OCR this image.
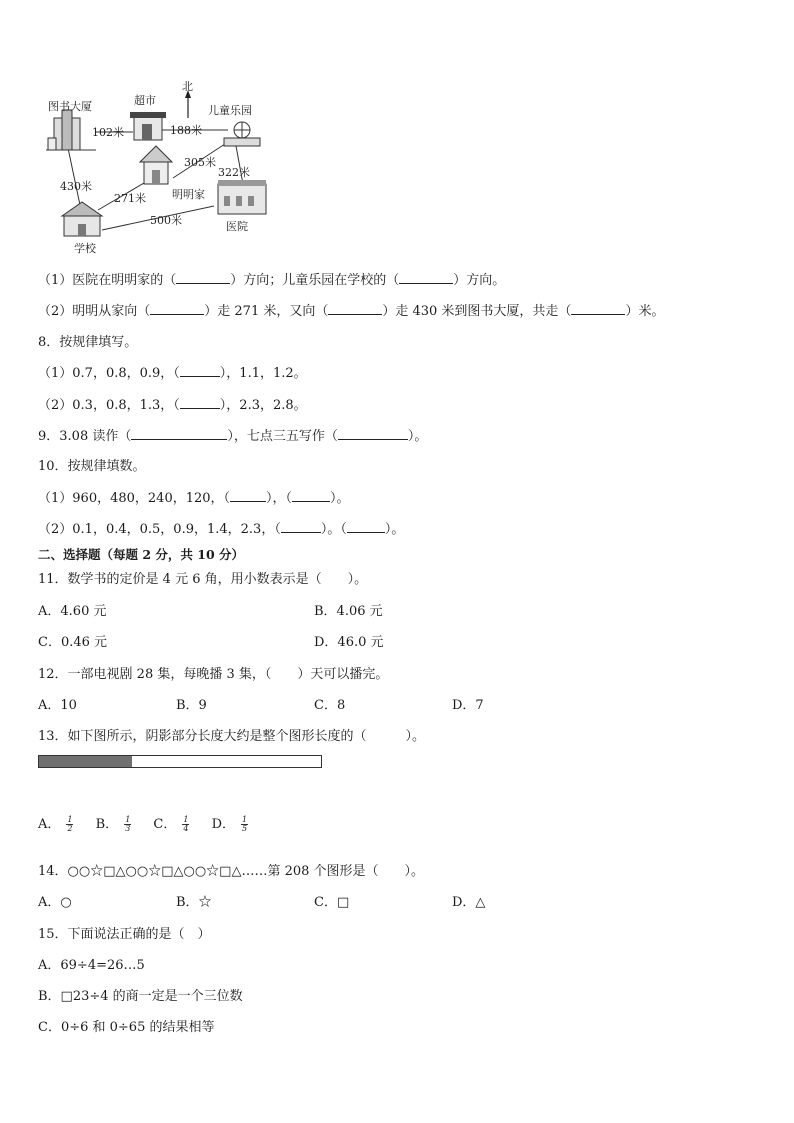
北
图书大厦	超市
儿童乐园
明明家
学校
医院
102米	188米
305米
322米
430米
271米
500米
（1）医院在明明家的（	）方向；儿童乐园在学校的（	）方向。
（2）明明从家向（	）走 271 米，又向（	）走 430 米到图书大厦，共走（	）米。
8．按规律填写。
（1）0.7，0.8，0.9，（	），1.1，1.2。
（2）0.3，0.8，1.3，（	），2.3，2.8。
9．3.08 读作（	），七点三五写作（	）。
10．按规律填数。
（1）960，480，240，120，（	），（	）。
（2）0.1，0.4，0.5，0.9，1.4，2.3，（	）。（	）。
二、选择题（每题 2 分，共 10 分）
11．数学书的定价是 4 元 6 角，用小数表示是（　　）。
A．4.60 元	B．4.06 元
C．0.46 元	D．46.0 元
12．一部电视剧 28 集，每晚播 3 集，（　　）天可以播完。
A．10	B．9	C．8	D．7
13．如下图所示，阴影部分长度大约是整个图形长度的（　　　）。
A． $\frac{1}{2}$ B． $\frac{1}{3}$ C． $\frac{1}{4}$ D． $\frac{1}{5}$
14．○○☆□△○○☆□△○○☆□△……第 208 个图形是（　　）。
A．○	B．☆	C．□	D．△
15．下面说法正确的是（　）
A．69÷4=26…5
B．□23÷4 的商一定是一个三位数
C．0÷6 和 0÷65 的结果相等
